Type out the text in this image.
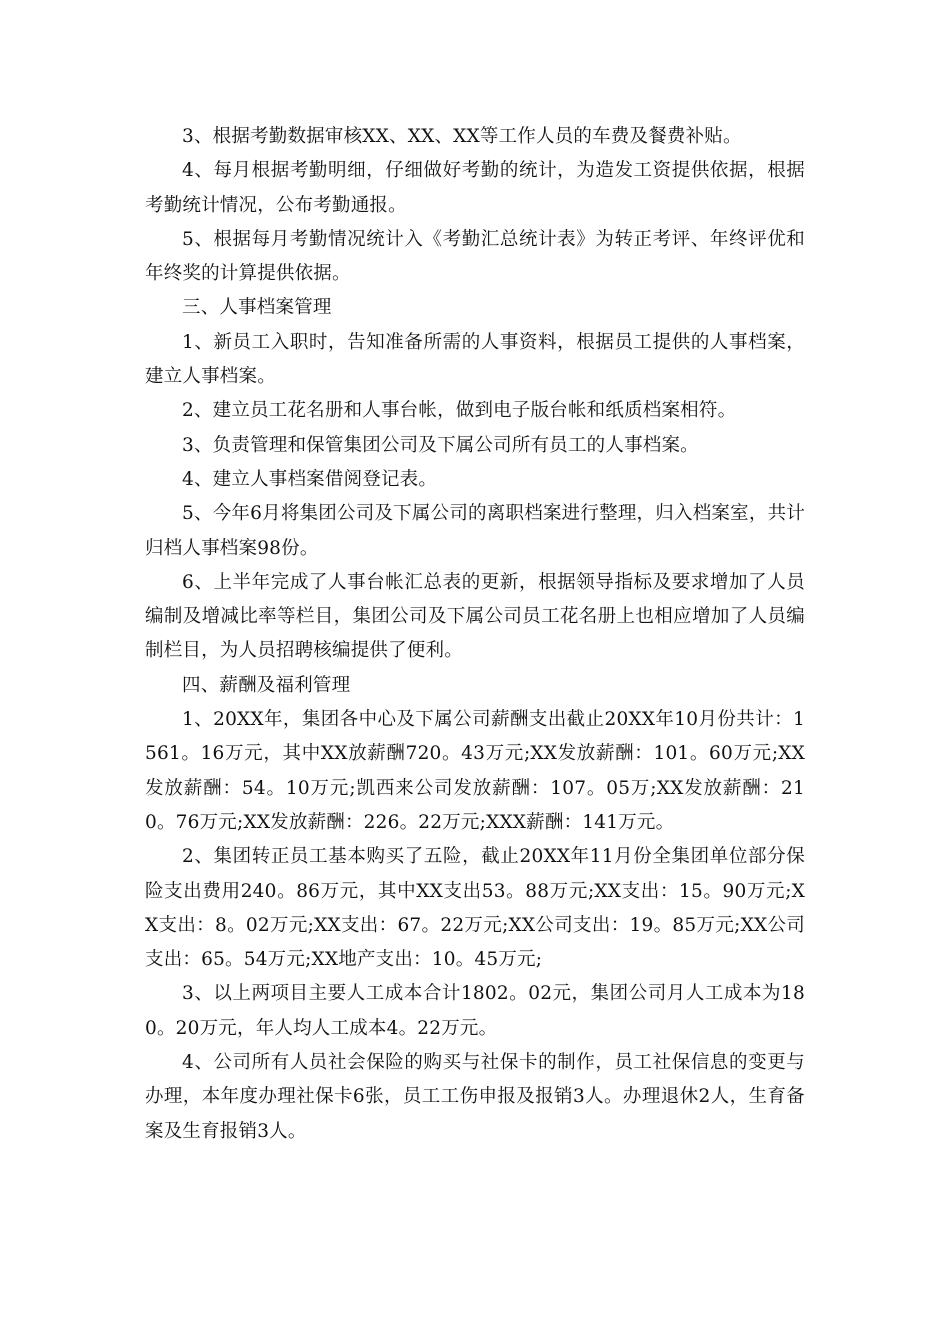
3、根据考勤数据审核XX、XX、XX等工作人员的车费及餐费补贴。

4、每月根据考勤明细，仔细做好考勤的统计，为造发工资提供依据，根据考勤统计情况，公布考勤通报。

5、根据每月考勤情况统计入《考勤汇总统计表》为转正考评、年终评优和年终奖的计算提供依据。

三、人事档案管理

1、新员工入职时，告知准备所需的人事资料，根据员工提供的人事档案，建立人事档案。

2、建立员工花名册和人事台帐，做到电子版台帐和纸质档案相符。

3、负责管理和保管集团公司及下属公司所有员工的人事档案。

4、建立人事档案借阅登记表。

5、今年6月将集团公司及下属公司的离职档案进行整理，归入档案室，共计归档人事档案98份。

6、上半年完成了人事台帐汇总表的更新，根据领导指标及要求增加了人员编制及增减比率等栏目，集团公司及下属公司员工花名册上也相应增加了人员编制栏目，为人员招聘核编提供了便利。

四、薪酬及福利管理

1、20XX年，集团各中心及下属公司薪酬支出截止20XX年10月份共计：1561。16万元，其中XX放薪酬720。43万元;XX发放薪酬：101。60万元;XX发放薪酬：54。10万元;凯西来公司发放薪酬：107。05万;XX发放薪酬：210。76万元;XX发放薪酬：226。22万元;XXX薪酬：141万元。

2、集团转正员工基本购买了五险，截止20XX年11月份全集团单位部分保险支出费用240。86万元，其中XX支出53。88万元;XX支出：15。90万元;XX支出：8。02万元;XX支出：67。22万元;XX公司支出：19。85万元;XX公司支出：65。54万元;XX地产支出：10。45万元;

3、以上两项目主要人工成本合计1802。02元，集团公司月人工成本为180。20万元，年人均人工成本4。22万元。

4、公司所有人员社会保险的购买与社保卡的制作，员工社保信息的变更与办理，本年度办理社保卡6张，员工工伤申报及报销3人。办理退休2人，生育备案及生育报销3人。
